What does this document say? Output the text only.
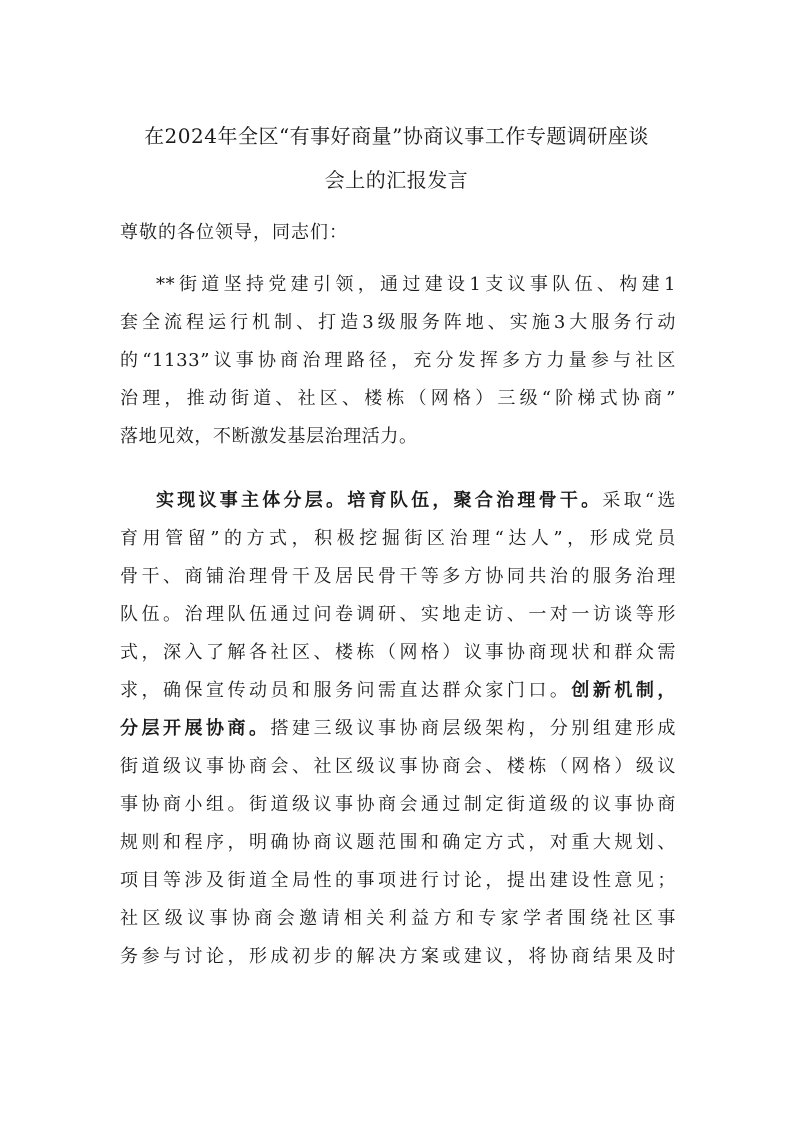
在2024年全区“有事好商量”协商议事工作专题调研座谈
会上的汇报发言
尊敬的各位领导，同志们：
**街道坚持党建引领，通过建设1支议事队伍、构建1
套全流程运行机制、打造3级服务阵地、实施3大服务行动
的“1133”议事协商治理路径，充分发挥多方力量参与社区
治理，推动街道、社区、楼栋（网格）三级“阶梯式协商”
落地见效，不断激发基层治理活力。
实现议事主体分层。培育队伍，聚合治理骨干。采取“选
育用管留”的方式，积极挖掘街区治理“达人”，形成党员
骨干、商铺治理骨干及居民骨干等多方协同共治的服务治理
队伍。治理队伍通过问卷调研、实地走访、一对一访谈等形
式，深入了解各社区、楼栋（网格）议事协商现状和群众需
求，确保宣传动员和服务问需直达群众家门口。创新机制，
分层开展协商。搭建三级议事协商层级架构，分别组建形成
街道级议事协商会、社区级议事协商会、楼栋（网格）级议
事协商小组。街道级议事协商会通过制定街道级的议事协商
规则和程序，明确协商议题范围和确定方式，对重大规划、
项目等涉及街道全局性的事项进行讨论，提出建设性意见；
社区级议事协商会邀请相关利益方和专家学者围绕社区事
务参与讨论，形成初步的解决方案或建议，将协商结果及时
